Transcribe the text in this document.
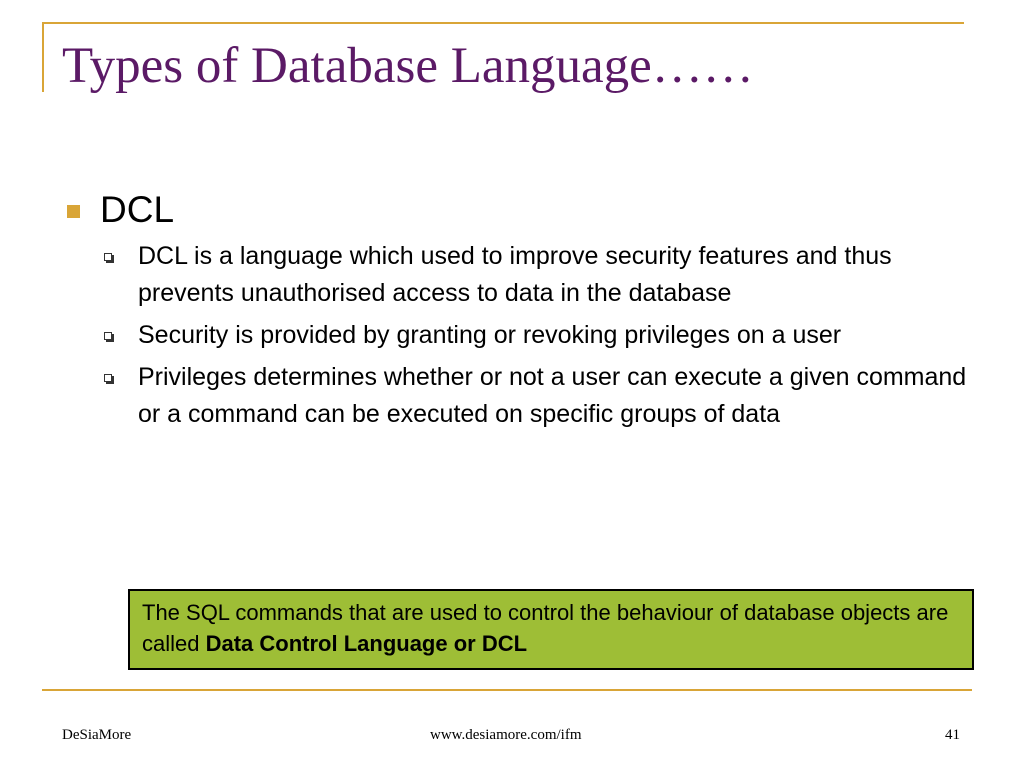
Types of Database Language……
DCL
DCL is a language which used to improve security features and thus prevents unauthorised access to data in the database
Security is provided by granting or revoking privileges on a user
Privileges determines whether or not a user can execute a given command or a command can be executed on specific groups of data
The SQL commands that are used to control the behaviour of database objects are called Data Control Language or DCL
DeSiaMore	www.desiamore.com/ifm	41
